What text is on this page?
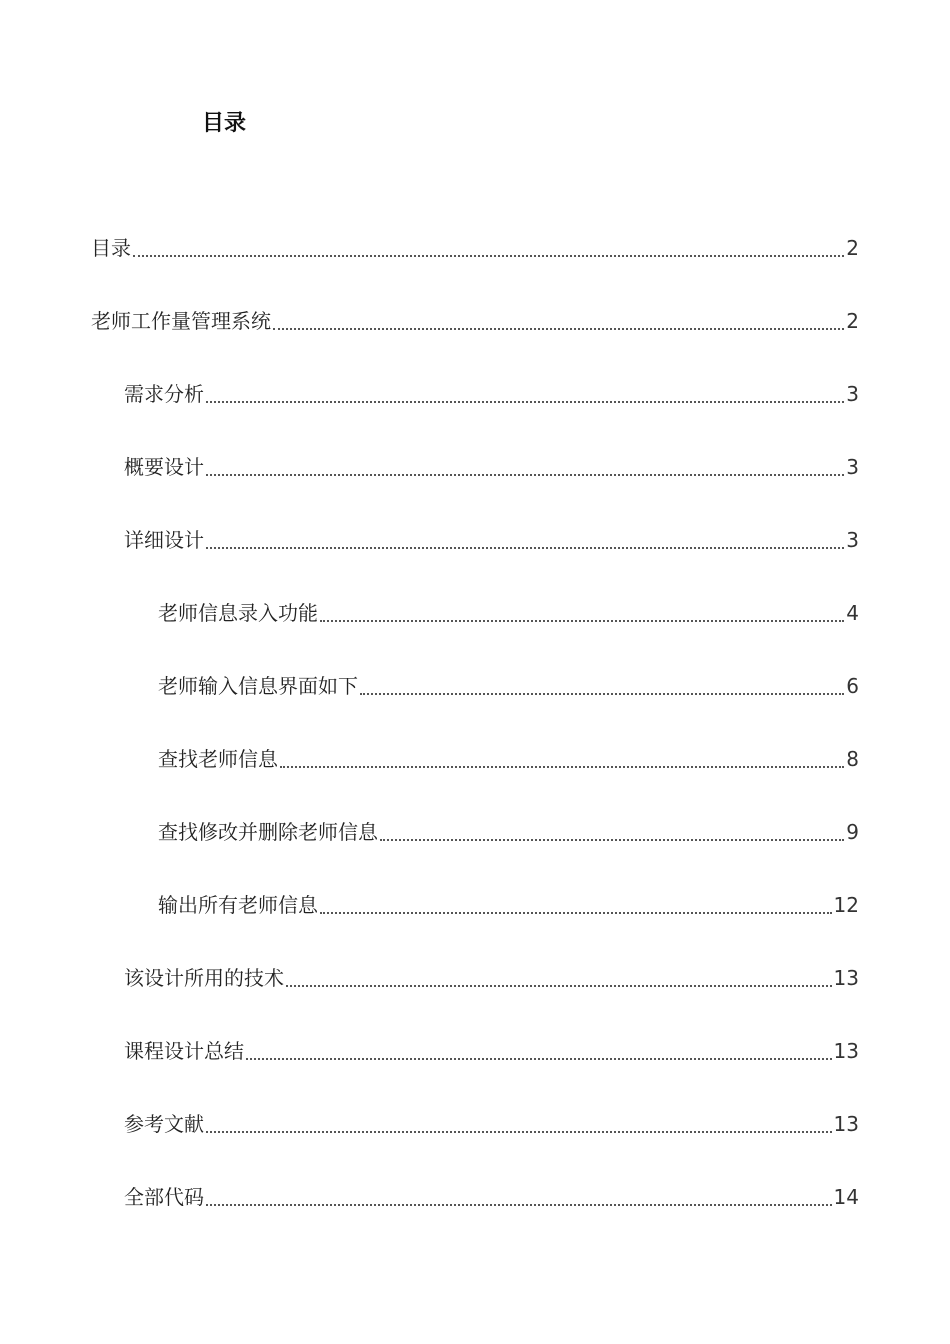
目录
目录	2
老师工作量管理系统	2
需求分析	3
概要设计	3
详细设计	3
老师信息录入功能	4
老师输入信息界面如下	6
查找老师信息	8
查找修改并删除老师信息	9
输出所有老师信息	12
该设计所用的技术	13
课程设计总结	13
参考文献	13
全部代码	14
